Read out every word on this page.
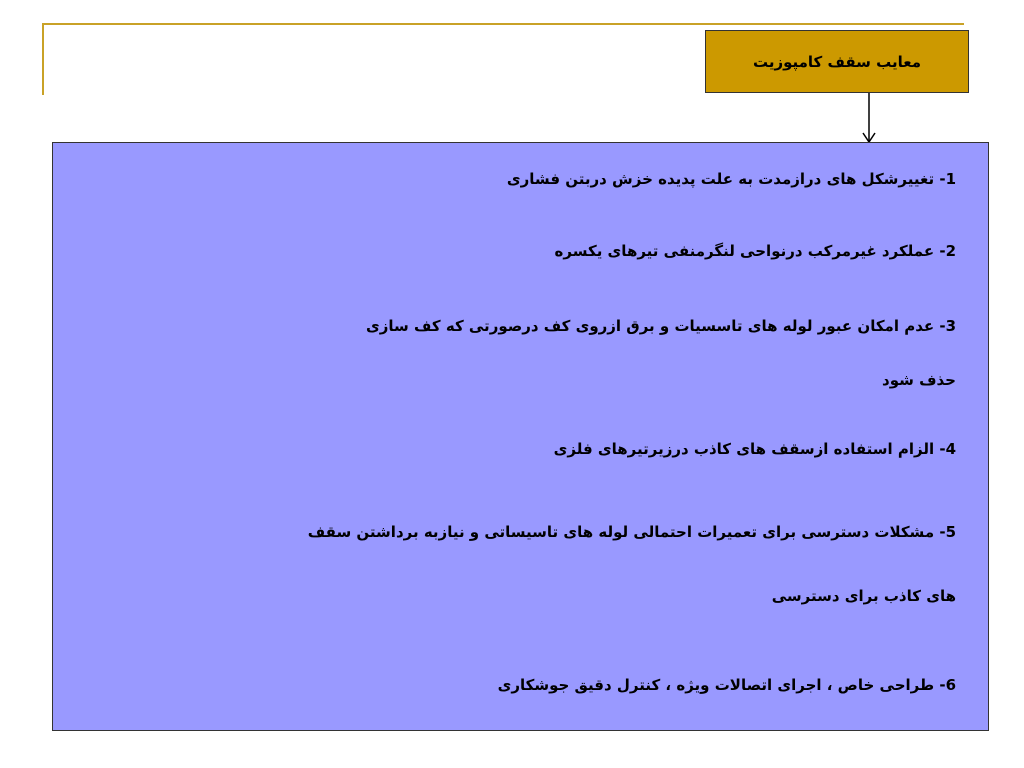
معایب سقف کامپوزیت
1- تغییرشکل های درازمدت به علت پدیده خزش دربتن فشاری
2- عملکرد غیرمرکب درنواحی لنگرمنفی تیرهای یکسره
3- عدم امکان عبور لوله های تاسسیات و برق ازروی کف درصورتی که کف سازی
حذف شود
4- الزام استفاده ازسقف های کاذب درزیرتیرهای فلزی
5- مشکلات دسترسی برای تعمیرات احتمالی لوله های تاسیساتی و نیازبه برداشتن سقف
های کاذب برای دسترسی
6- طراحی خاص ، اجرای اتصالات ویژه ، کنترل دقیق جوشکاری
